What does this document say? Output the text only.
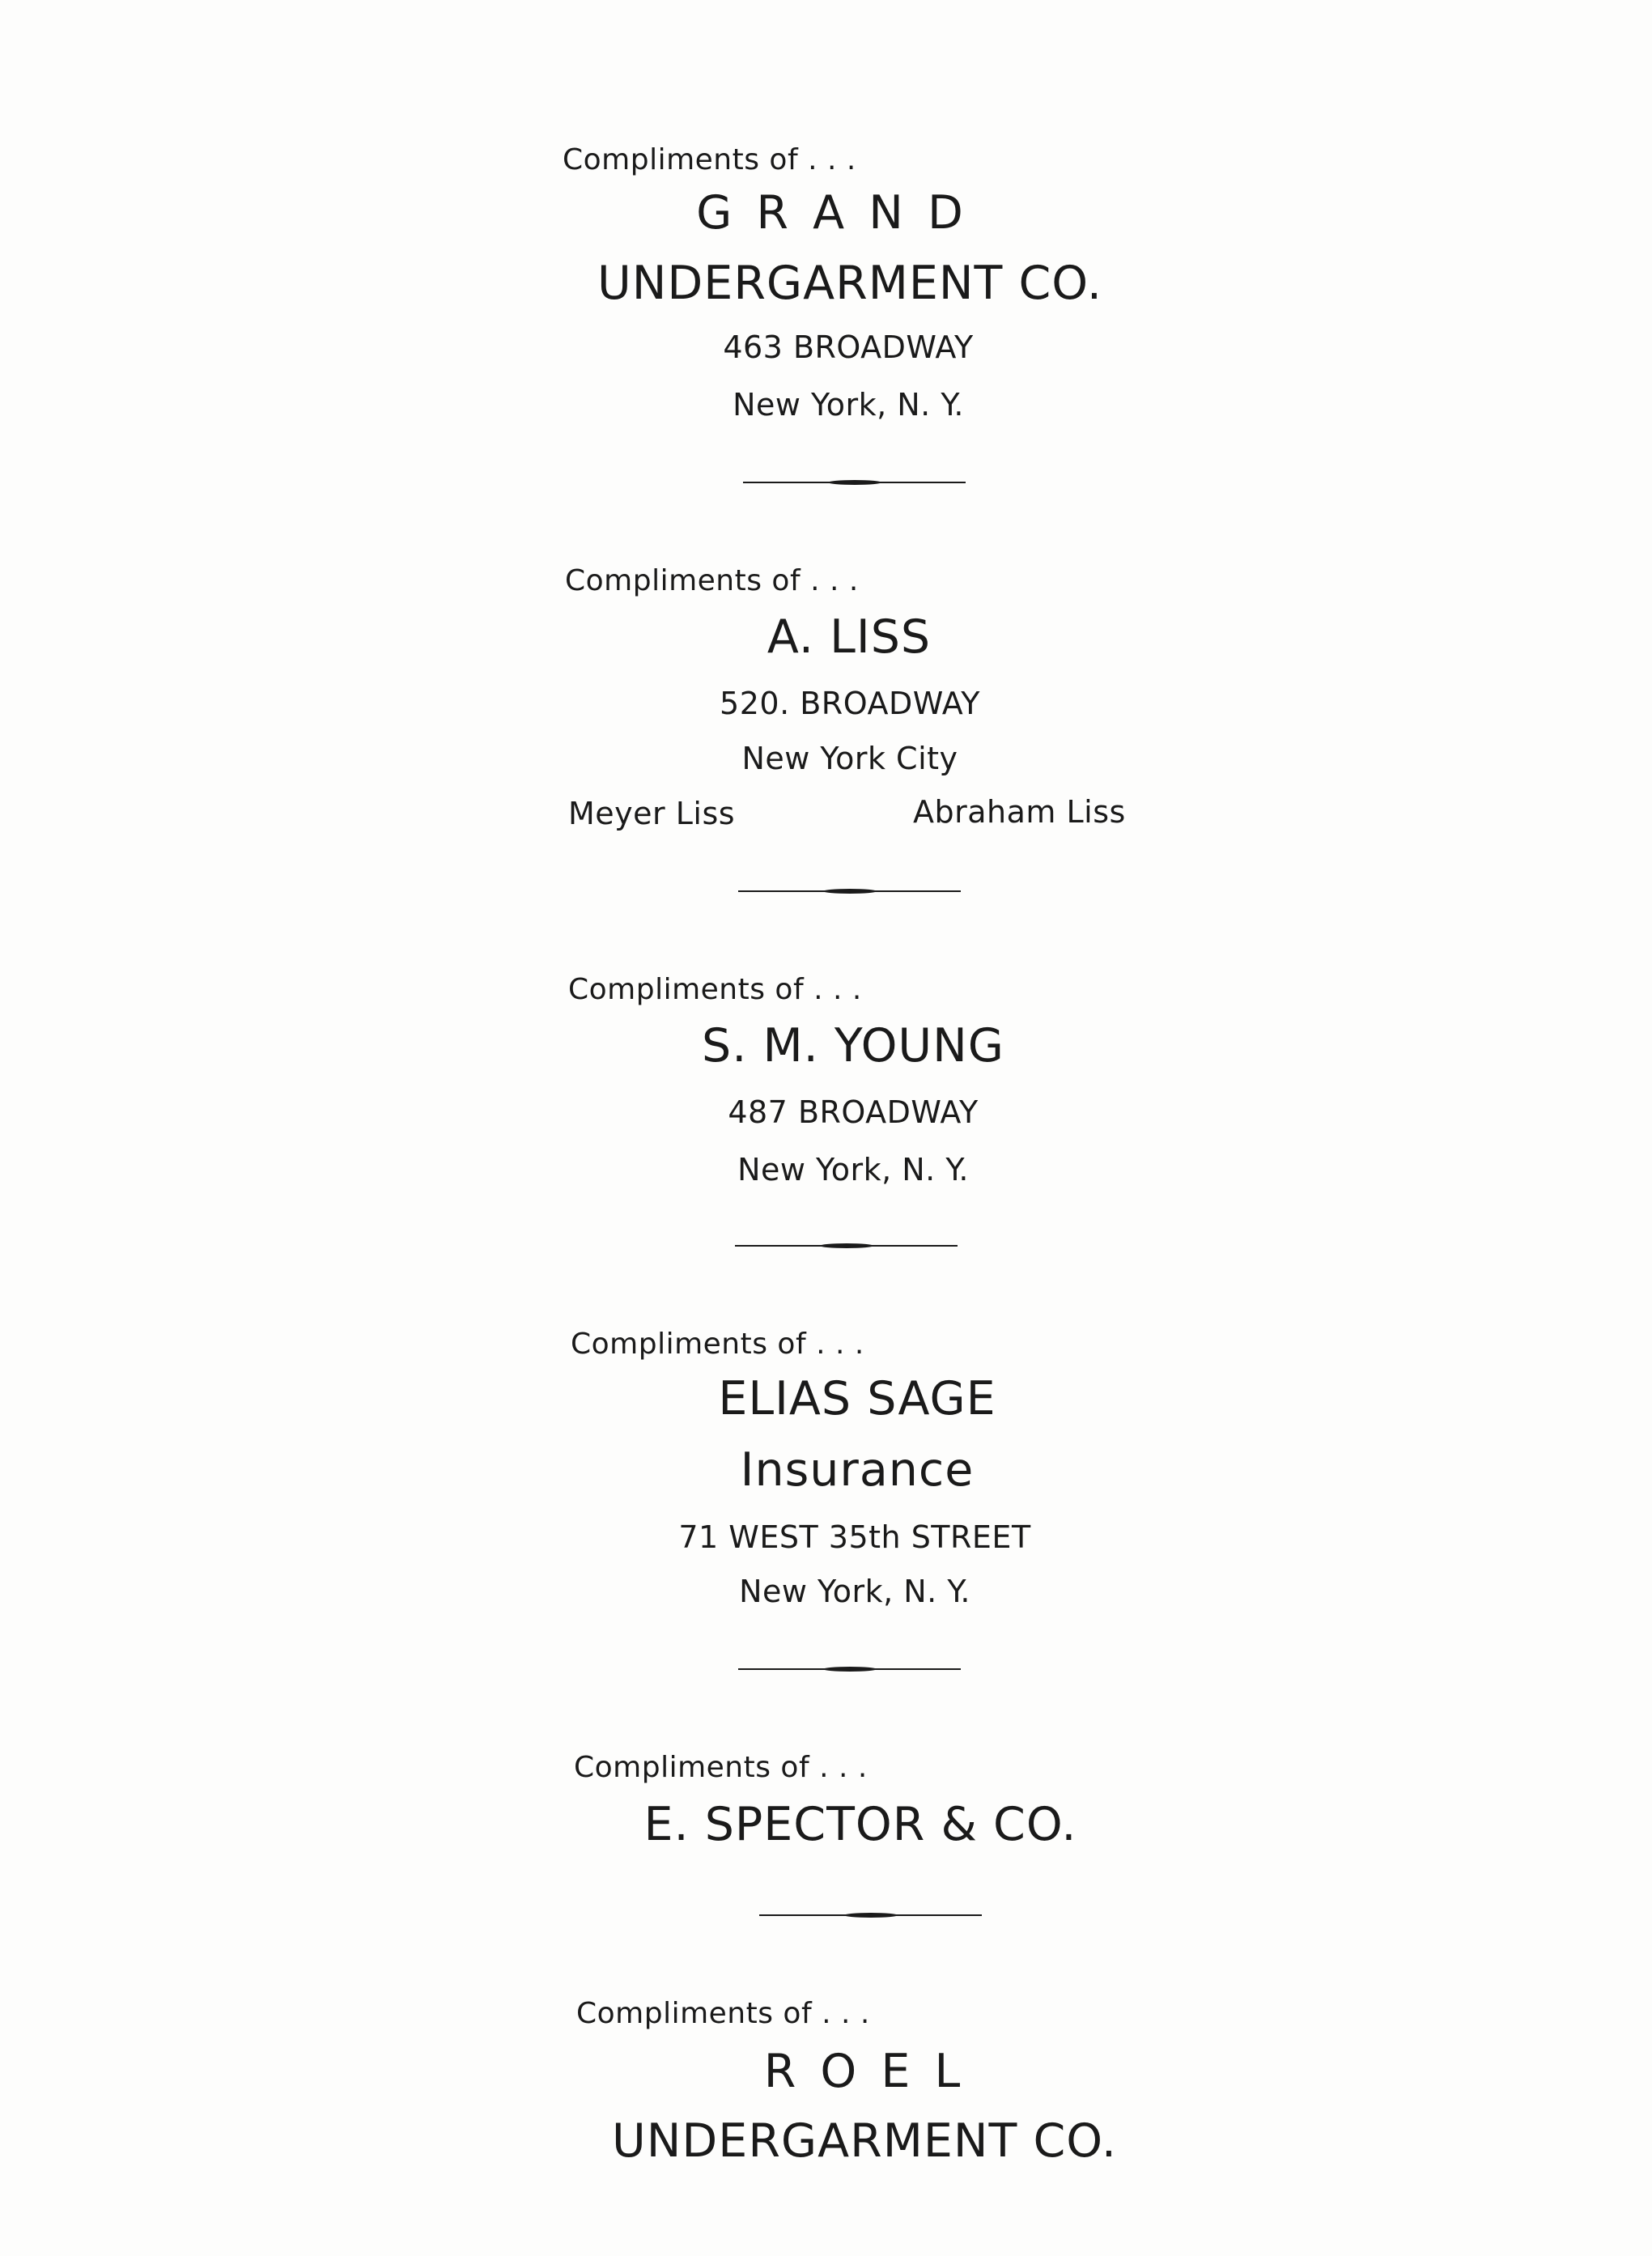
Compliments of . . .
G R A N D
UNDERGARMENT CO.
463 BROADWAY
New York, N. Y.
Compliments of . . .
A. LISS
520. BROADWAY
New York City
Meyer Liss	Abraham Liss
Compliments of . . .
S. M. YOUNG
487 BROADWAY
New York, N. Y.
Compliments of . . .
ELIAS SAGE
Insurance
71 WEST 35th STREET
New York, N. Y.
Compliments of . . .
E. SPECTOR & CO.
Compliments of . . .
R O E L
UNDERGARMENT CO.
